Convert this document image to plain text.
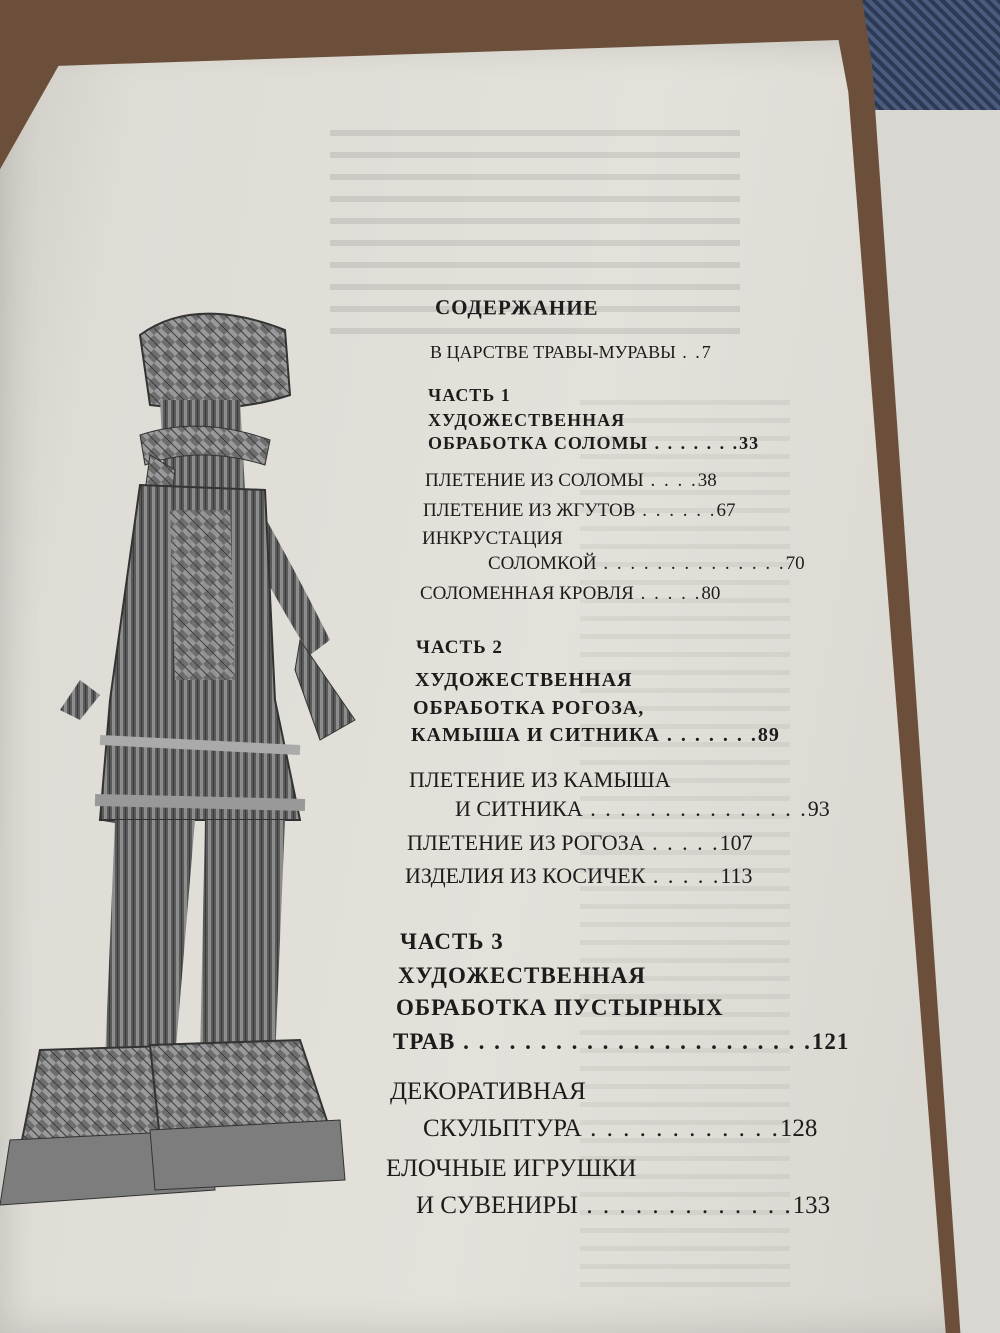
СОДЕРЖАНИЕ
В ЦАРСТВЕ ТРАВЫ-МУРАВЫ . .7
ЧАСТЬ 1
ХУДОЖЕСТВЕННАЯ
ОБРАБОТКА СОЛОМЫ . . . . . . .33
ПЛЕТЕНИЕ ИЗ СОЛОМЫ . . . .38
ПЛЕТЕНИЕ ИЗ ЖГУТОВ . . . . . .67
ИНКРУСТАЦИЯ
СОЛОМКОЙ . . . . . . . . . . . . . .70
СОЛОМЕННАЯ КРОВЛЯ . . . . .80
ЧАСТЬ 2
ХУДОЖЕСТВЕННАЯ
ОБРАБОТКА РОГОЗА,
КАМЫША И СИТНИКА . . . . . . .89
ПЛЕТЕНИЕ ИЗ КАМЫША
И СИТНИКА . . . . . . . . . . . . . . .93
ПЛЕТЕНИЕ ИЗ РОГОЗА . . . . .107
ИЗДЕЛИЯ ИЗ КОСИЧЕК . . . . .113
ЧАСТЬ 3
ХУДОЖЕСТВЕННАЯ
ОБРАБОТКА ПУСТЫРНЫХ
ТРАВ . . . . . . . . . . . . . . . . . . . . . . .121
ДЕКОРАТИВНАЯ
СКУЛЬПТУРА . . . . . . . . . . . .128
ЕЛОЧНЫЕ ИГРУШКИ
И СУВЕНИРЫ . . . . . . . . . . . . .133
